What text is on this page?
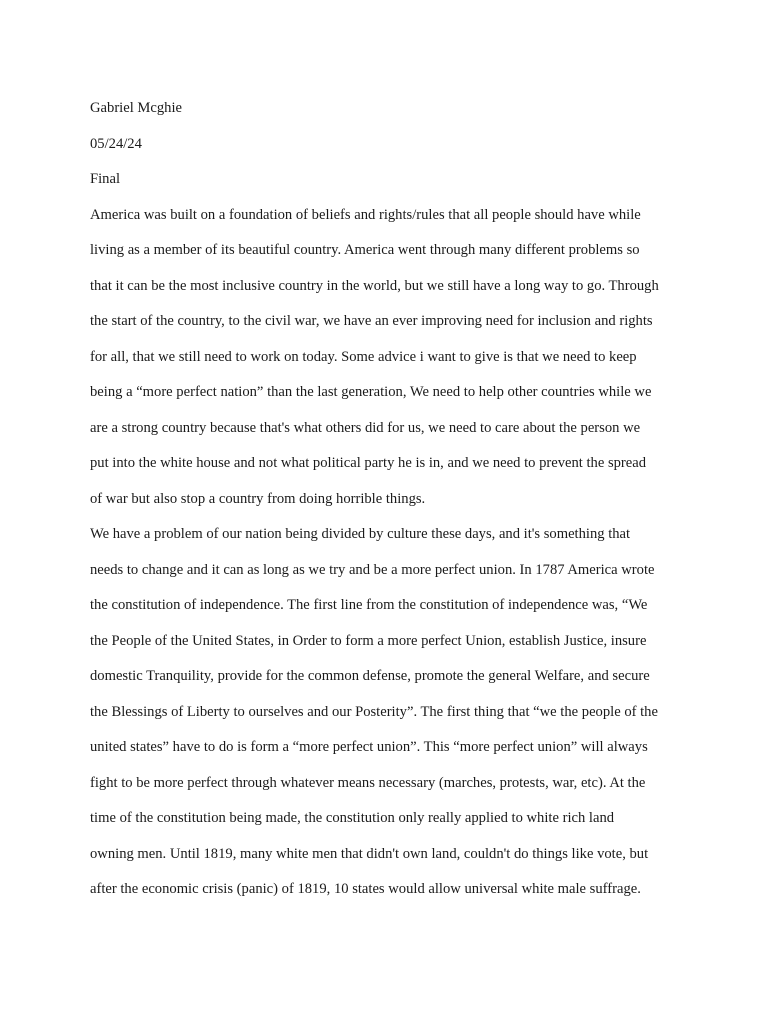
Gabriel Mcghie
05/24/24
Final
America was built on a foundation of beliefs and rights/rules that all people should have while
living as a member of its beautiful country. America went through many different problems so
that it can be the most inclusive country in the world, but we still have a long way to go. Through
the start of the country, to the civil war, we have an ever improving need for inclusion and rights
for all, that we still need to work on today. Some advice i want to give is that we need to keep
being a “more perfect nation” than the last generation, We need to help other countries while we
are a strong country because that's what others did for us, we need to care about the person we
put into the white house and not what political party he is in, and we need to prevent the spread
of war but also stop a country from doing horrible things.
We have a problem of our nation being divided by culture these days, and it's something that
needs to change and it can as long as we try and be a more perfect union. In 1787 America wrote
the constitution of independence. The first line from the constitution of independence was, “We
the People of the United States, in Order to form a more perfect Union, establish Justice, insure
domestic Tranquility, provide for the common defense, promote the general Welfare, and secure
the Blessings of Liberty to ourselves and our Posterity”. The first thing that “we the people of the
united states” have to do is form a “more perfect union”. This “more perfect union” will always
fight to be more perfect through whatever means necessary (marches, protests, war, etc). At the
time of the constitution being made, the constitution only really applied to white rich land
owning men. Until 1819, many white men that didn't own land, couldn't do things like vote, but
after the economic crisis (panic) of 1819, 10 states would allow universal white male suffrage.
